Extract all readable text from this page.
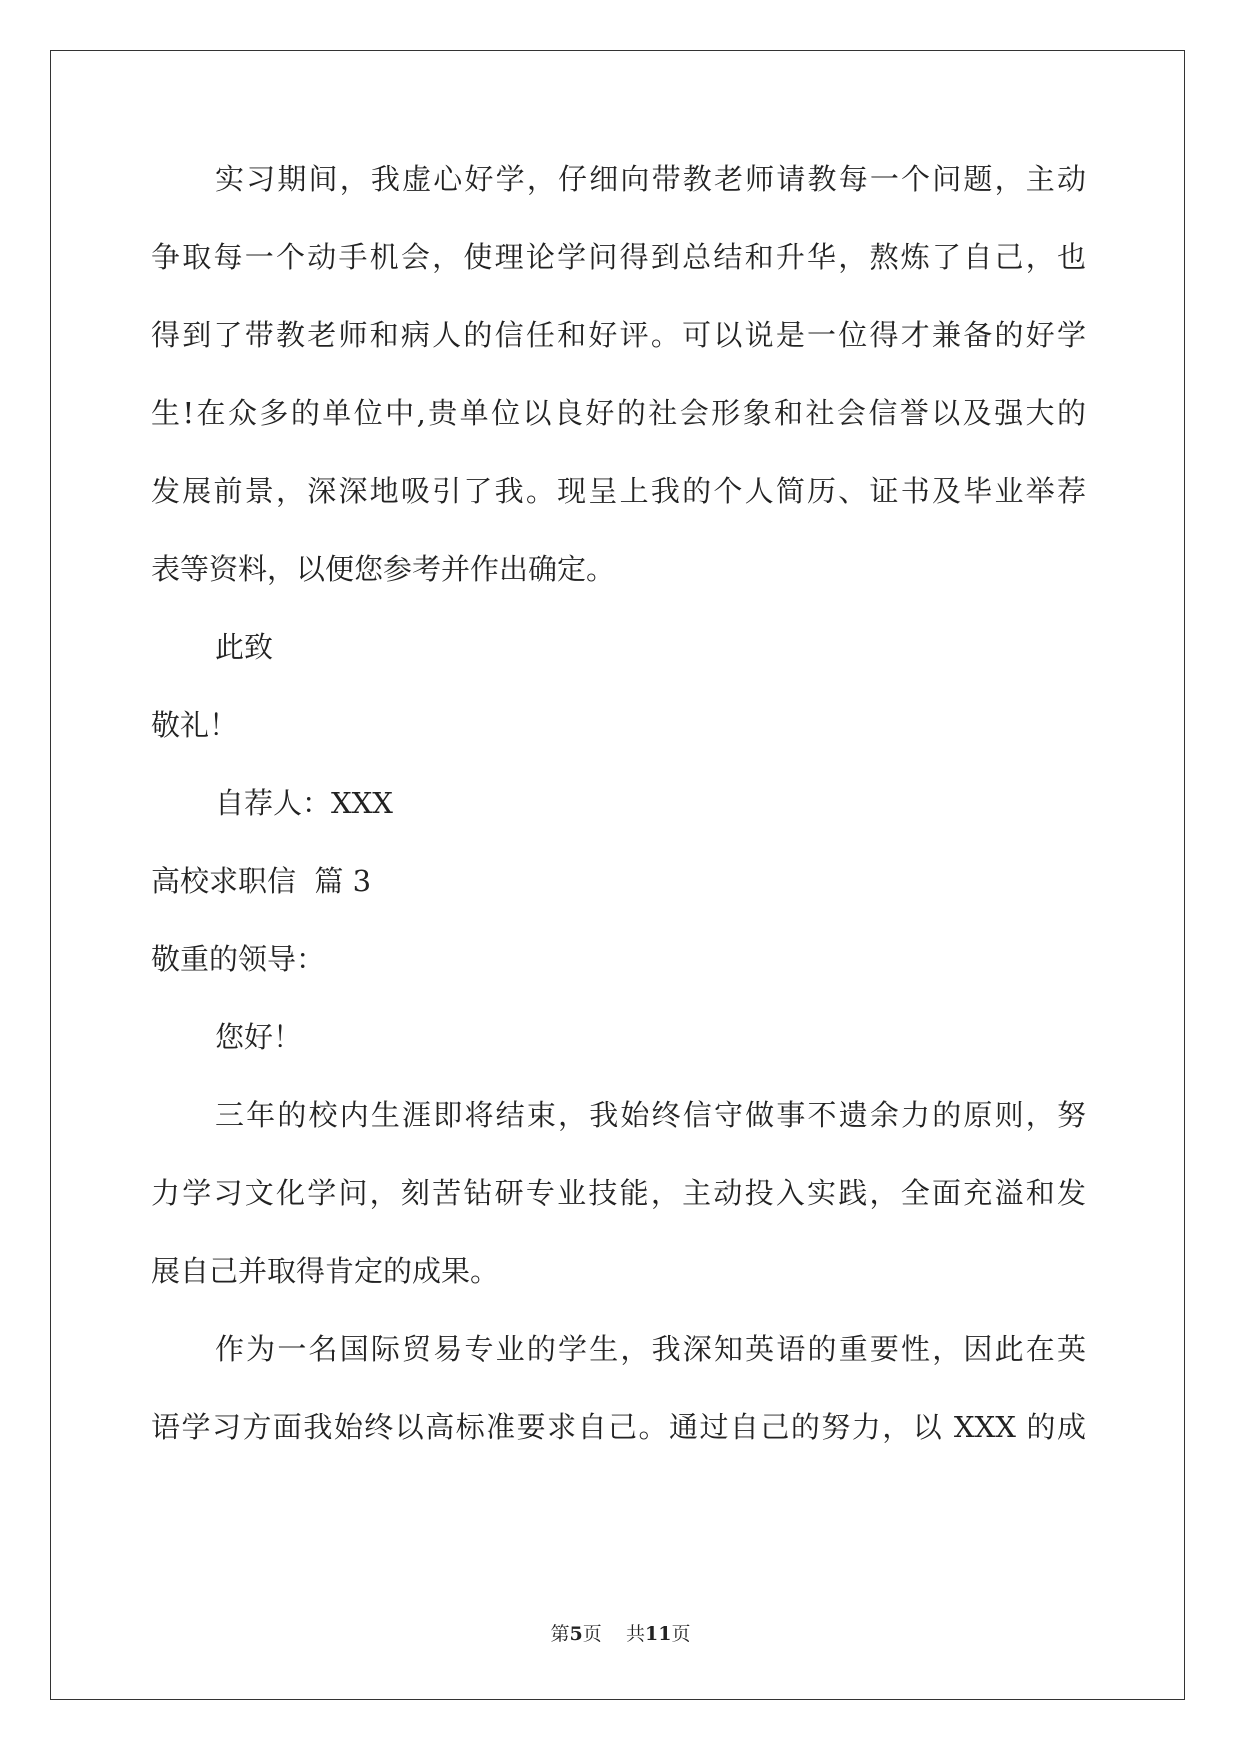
实习期间，我虚心好学，仔细向带教老师请教每一个问题，主动
争取每一个动手机会，使理论学问得到总结和升华，熬炼了自己，也
得到了带教老师和病人的信任和好评。可以说是一位得才兼备的好学
生!在众多的单位中,贵单位以良好的社会形象和社会信誉以及强大的
发展前景，深深地吸引了我。现呈上我的个人简历、证书及毕业举荐
表等资料，以便您参考并作出确定。
此致
敬礼！
自荐人：XXX
高校求职信  篇 3
敬重的领导：
您好！
三年的校内生涯即将结束，我始终信守做事不遗余力的原则，努
力学习文化学问，刻苦钻研专业技能，主动投入实践，全面充溢和发
展自己并取得肯定的成果。
作为一名国际贸易专业的学生，我深知英语的重要性，因此在英
语学习方面我始终以高标准要求自己。通过自己的努力，以 XXX 的成
第5页 共11页
